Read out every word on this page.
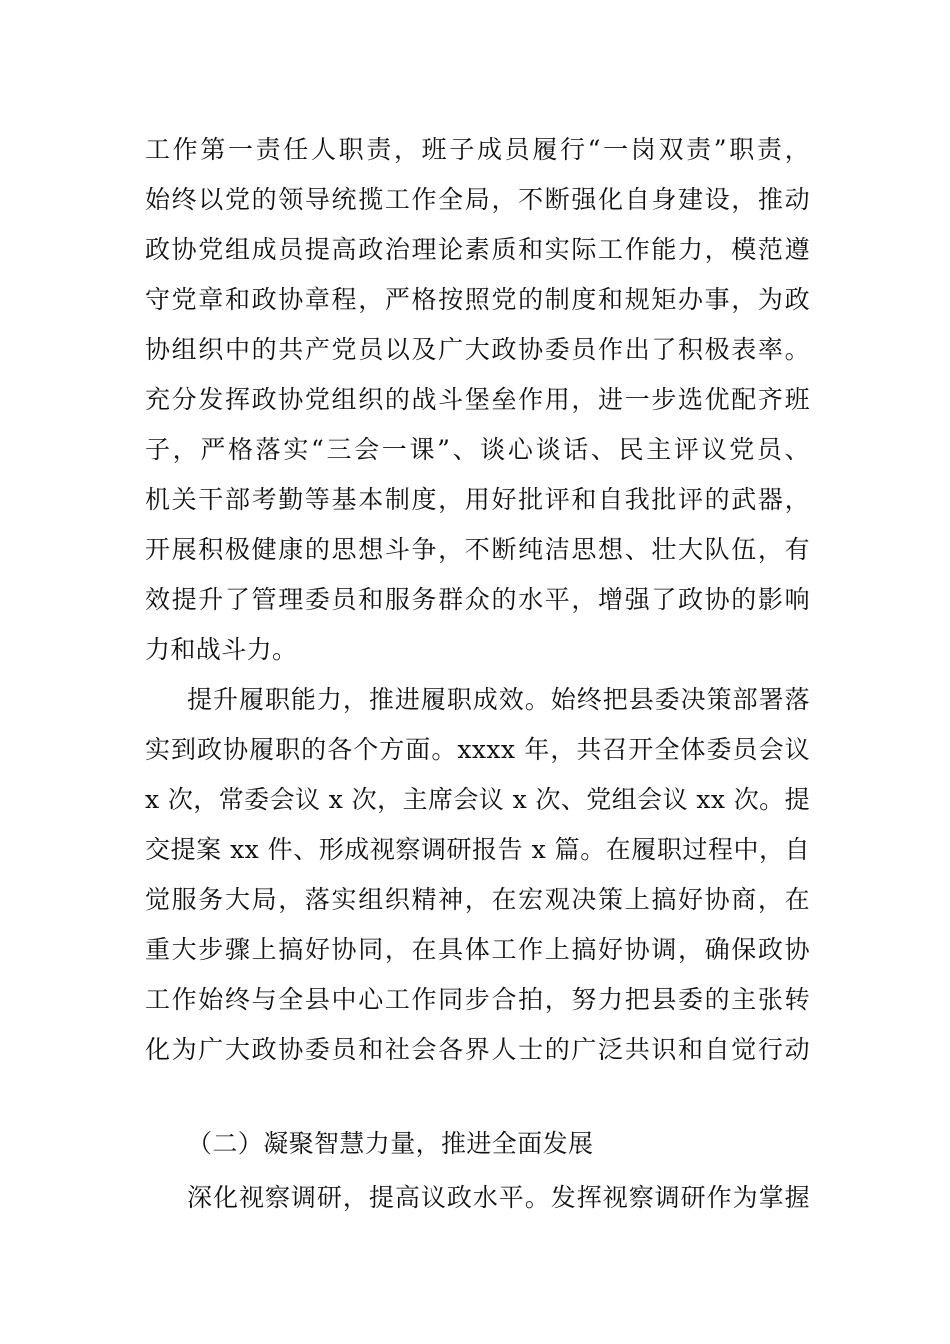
工作第一责任人职责，班子成员履行“一岗双责”职责，
始终以党的领导统揽工作全局，不断强化自身建设，推动
政协党组成员提高政治理论素质和实际工作能力，模范遵
守党章和政协章程，严格按照党的制度和规矩办事，为政
协组织中的共产党员以及广大政协委员作出了积极表率。
充分发挥政协党组织的战斗堡垒作用，进一步选优配齐班
子，严格落实“三会一课”、谈心谈话、民主评议党员、
机关干部考勤等基本制度，用好批评和自我批评的武器，
开展积极健康的思想斗争，不断纯洁思想、壮大队伍，有
效提升了管理委员和服务群众的水平，增强了政协的影响
力和战斗力。
提升履职能力，推进履职成效。始终把县委决策部署落
实到政协履职的各个方面。xxxx 年，共召开全体委员会议
x 次，常委会议 x 次，主席会议 x 次、党组会议 xx 次。提
交提案 xx 件、形成视察调研报告 x 篇。在履职过程中，自
觉服务大局，落实组织精神，在宏观决策上搞好协商，在
重大步骤上搞好协同，在具体工作上搞好协调，确保政协
工作始终与全县中心工作同步合拍，努力把县委的主张转
化为广大政协委员和社会各界人士的广泛共识和自觉行动
（二）凝聚智慧力量，推进全面发展
深化视察调研，提高议政水平。发挥视察调研作为掌握
